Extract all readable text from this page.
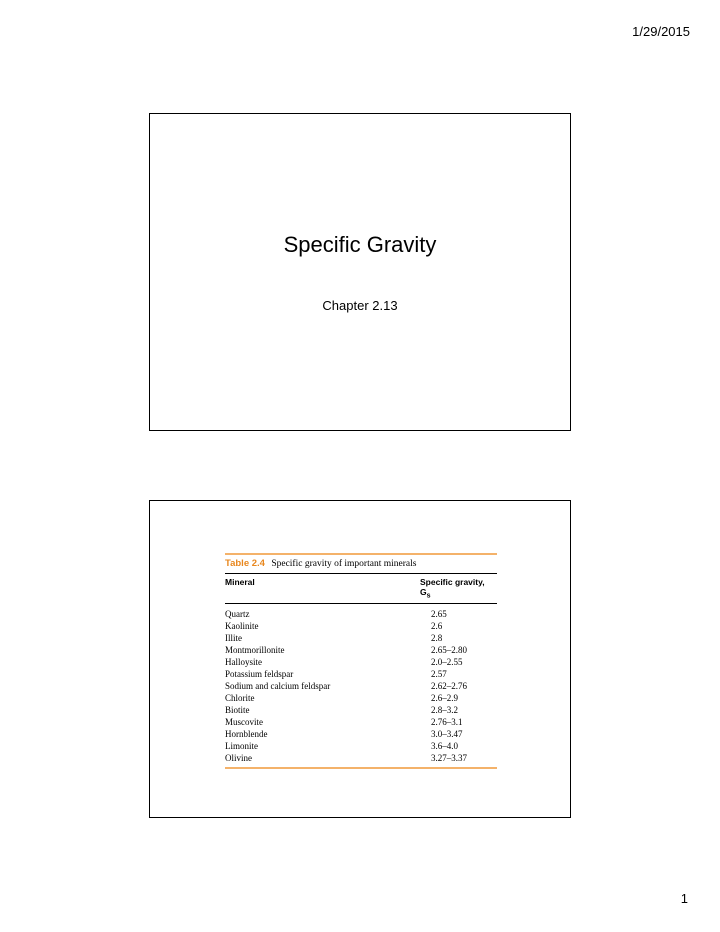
1/29/2015
Specific Gravity
Chapter 2.13
Table 2.4 Specific gravity of important minerals
Mineral	Specific gravity, $G_s$
Quartz	2.65
Kaolinite	2.6
Illite	2.8
Montmorillonite	2.65–2.80
Halloysite	2.0–2.55
Potassium feldspar	2.57
Sodium and calcium feldspar	2.62–2.76
Chlorite	2.6–2.9
Biotite	2.8–3.2
Muscovite	2.76–3.1
Hornblende	3.0–3.47
Limonite	3.6–4.0
Olivine	3.27–3.37
1
